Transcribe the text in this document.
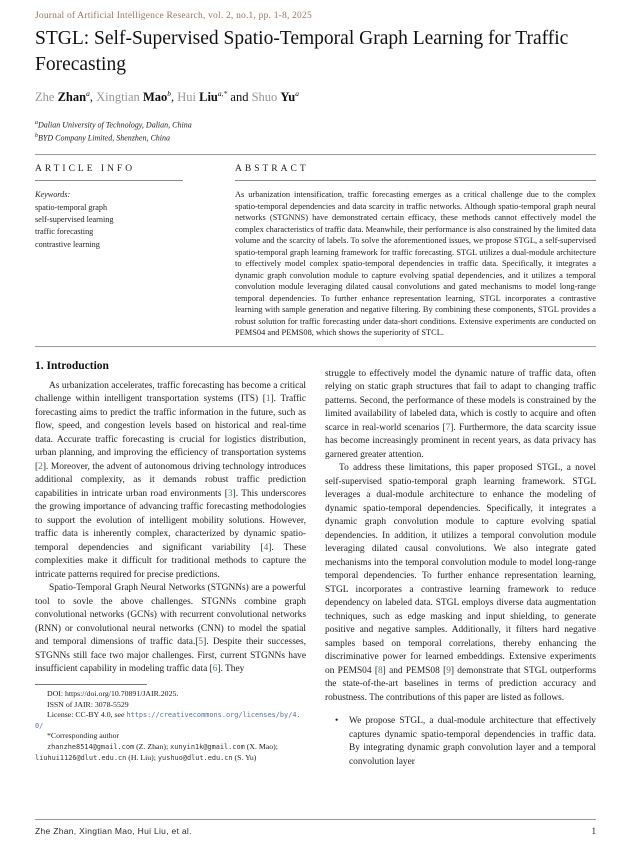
Journal of Artificial Intelligence Research, vol. 2, no.1, pp. 1-8, 2025
STGL: Self-Supervised Spatio-Temporal Graph Learning for Traffic Forecasting
Zhe Zhan$^a$, Xingtian Mao$^b$, Hui Liu$^{a,*}$ and Shuo Yu$^a$
$^a$Dalian University of Technology, Dalian, China
$^b$BYD Company Limited, Shenzhen, China
ARTICLE INFO
Keywords:
spatio-temporal graph
self-supervised learning
traffic forecasting
contrastive learning
ABSTRACT

As urbanization intensification, traffic forecasting emerges as a critical challenge due to the complex spatio-temporal dependencies and data scarcity in traffic networks. Although spatio-temporal graph neural networks (STGNNS) have demonstrated certain efficacy, these methods cannot effectively model the complex characteristics of traffic data. Meanwhile, their performance is also constrained by the limited data volume and the scarcity of labels. To solve the aforementioned issues, we propose STGL, a self-supervised spatio-temporal graph learning framework for traffic forecasting. STGL utilizes a dual-module architecture to effectively model complex spatio-temporal dependencies in traffic data. Specifically, it integrates a dynamic graph convolution module to capture evolving spatial dependencies, and it utilizes a temporal convolution module leveraging dilated causal convolutions and gated mechanisms to model long-range temporal dependencies. To further enhance representation learning, STGL incorporates a contrastive learning with sample generation and negative filtering. By combining these components, STGL provides a robust solution for traffic forecasting under data-short conditions. Extensive experiments are conducted on PEMS04 and PEMS08, which shows the superiority of STCL.

1. Introduction

As urbanization accelerates, traffic forecasting has become a critical challenge within intelligent transportation systems (ITS) [1]. Traffic forecasting aims to predict the traffic information in the future, such as flow, speed, and congestion levels based on historical and real-time data. Accurate traffic forecasting is crucial for logistics distribution, urban planning, and improving the efficiency of transportation systems [2]. Moreover, the advent of autonomous driving technology introduces additional complexity, as it demands robust traffic prediction capabilities in intricate urban road environments [3]. This underscores the growing importance of advancing traffic forecasting methodologies to support the evolution of intelligent mobility solutions. However, traffic data is inherently complex, characterized by dynamic spatio-temporal dependencies and significant variability [4]. These complexities make it difficult for traditional methods to capture the intricate patterns required for precise predictions.

Spatio-Temporal Graph Neural Networks (STGNNs) are a powerful tool to sovle the above challenges. STGNNs combine graph convolutional networks (GCNs) with recurrent convolutional networks (RNN) or convolutional neural networks (CNN) to model the spatial and temporal dimensions of traffic data.[5]. Despite their successes, STGNNs still face two major challenges. First, current STGNNs have insufficient capability in modeling traffic data [6]. They

DOI: https://doi.org/10.70891/JAIR.2025.

ISSN of JAIR: 3078-5529

License: CC-BY 4.0, see https://creativecommons.org/licenses/by/4.0/

*Corresponding author

zhanzhe8514@gmail.com (Z. Zhan); xunyin1k@gmail.com (X. Mao); liuhui1126@dlut.edu.cn (H. Liu); yushuo@dlut.edu.cn (S. Yu)

struggle to effectively model the dynamic nature of traffic data, often relying on static graph structures that fail to adapt to changing traffic patterns. Second, the performance of these models is constrained by the limited availability of labeled data, which is costly to acquire and often scarce in real-world scenarios [7]. Furthermore, the data scarcity issue has become increasingly prominent in recent years, as data privacy has garnered greater attention.

To address these limitations, this paper proposed STGL, a novel self-supervised spatio-temporal graph learning framework. STGL leverages a dual-module architecture to enhance the modeling of dynamic spatio-temporal dependencies. Specifically, it integrates a dynamic graph convolution module to capture evolving spatial dependencies. In addition, it utilizes a temporal convolution module leveraging dilated causal convolutions. We also integrate gated mechanisms into the temporal convolution module to model long-range temporal dependencies. To further enhance representation learning, STGL incorporates a contrastive learning framework to reduce dependency on labeled data. STGL employs diverse data augmentation techniques, such as edge masking and input shielding, to generate positive and negative samples. Additionally, it filters hard negative samples based on temporal correlations, thereby enhancing the discriminative power for learned embeddings. Extensive experiments on PEMS04 [8] and PEMS08 [9] demonstrate that STGL outperforms the state-of-the-art baselines in terms of prediction accuracy and robustness. The contributions of this paper are listed as follows.

• We propose STGL, a dual-module architecture that effectively captures dynamic spatio-temporal dependencies in traffic data. By integrating dynamic graph convolution layer and a temporal convolution layer
Zhe Zhan, Xingtian Mao, Hui Liu, et al.	1
